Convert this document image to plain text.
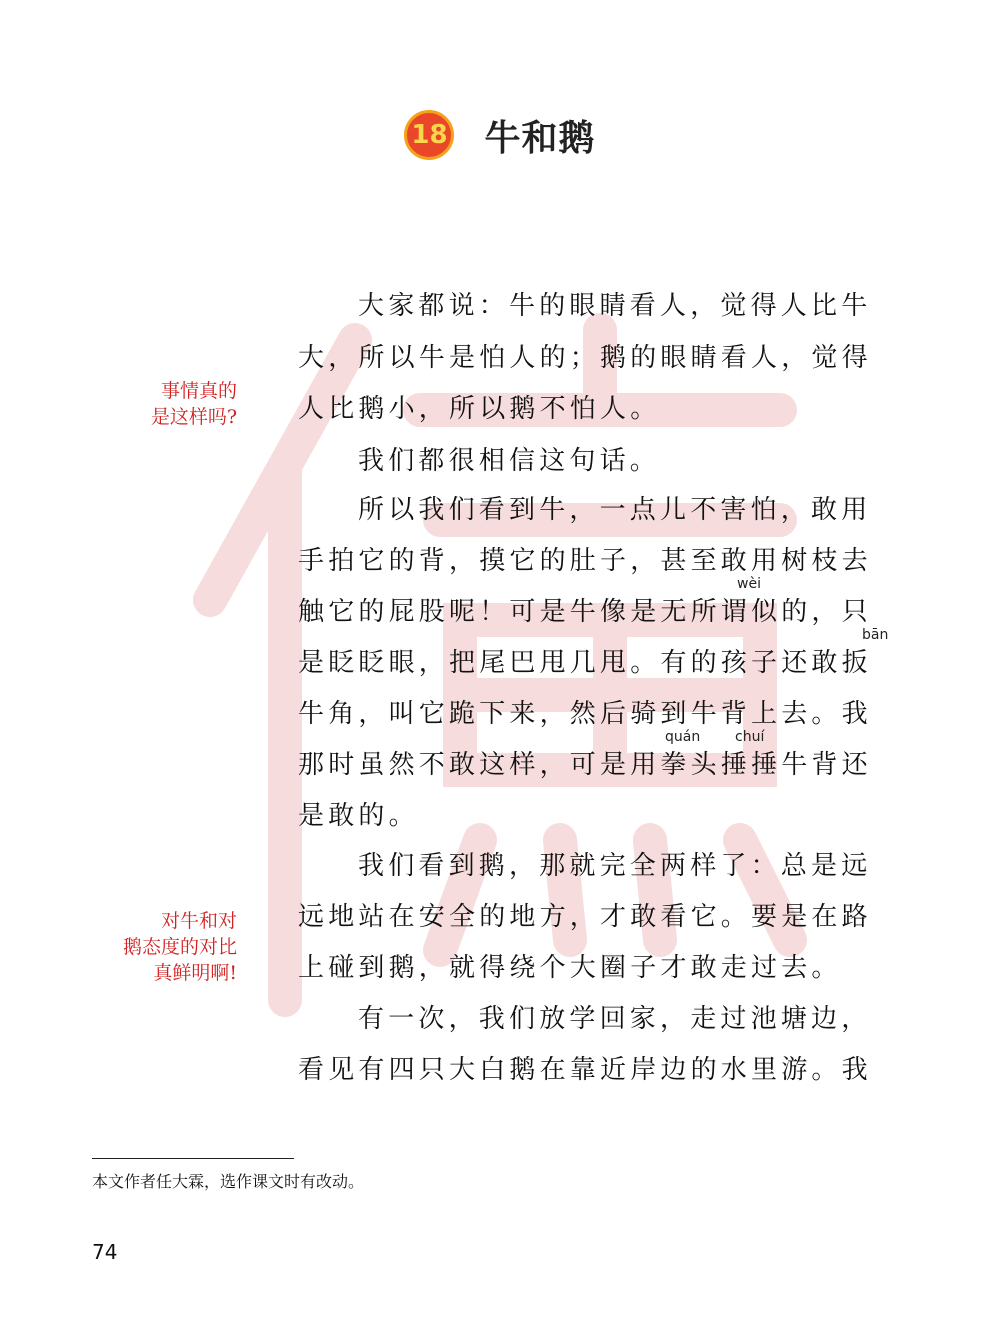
18 牛和鹅
事情真的
是这样吗?
对牛和对
鹅态度的对比
真鲜明啊!
大家都说：牛的眼睛看人，觉得人比牛
大，所以牛是怕人的；鹅的眼睛看人，觉得
人比鹅小，所以鹅不怕人。
我们都很相信这句话。
所以我们看到牛，一点儿不害怕，敢用
手拍它的背，摸它的肚子，甚至敢用树枝去
触它的屁股呢！可是牛像是无所谓似的，只
是眨眨眼，把尾巴甩几甩。有的孩子还敢扳
牛角，叫它跪下来，然后骑到牛背上去。我
那时虽然不敢这样，可是用拳头捶捶牛背还
是敢的。
我们看到鹅，那就完全两样了：总是远
远地站在安全的地方，才敢看它。要是在路
上碰到鹅，就得绕个大圈子才敢走过去。
有一次，我们放学回家，走过池塘边，
看见有四只大白鹅在靠近岸边的水里游。我
wèi
bān
quán chuí
本文作者任大霖，选作课文时有改动。
74
